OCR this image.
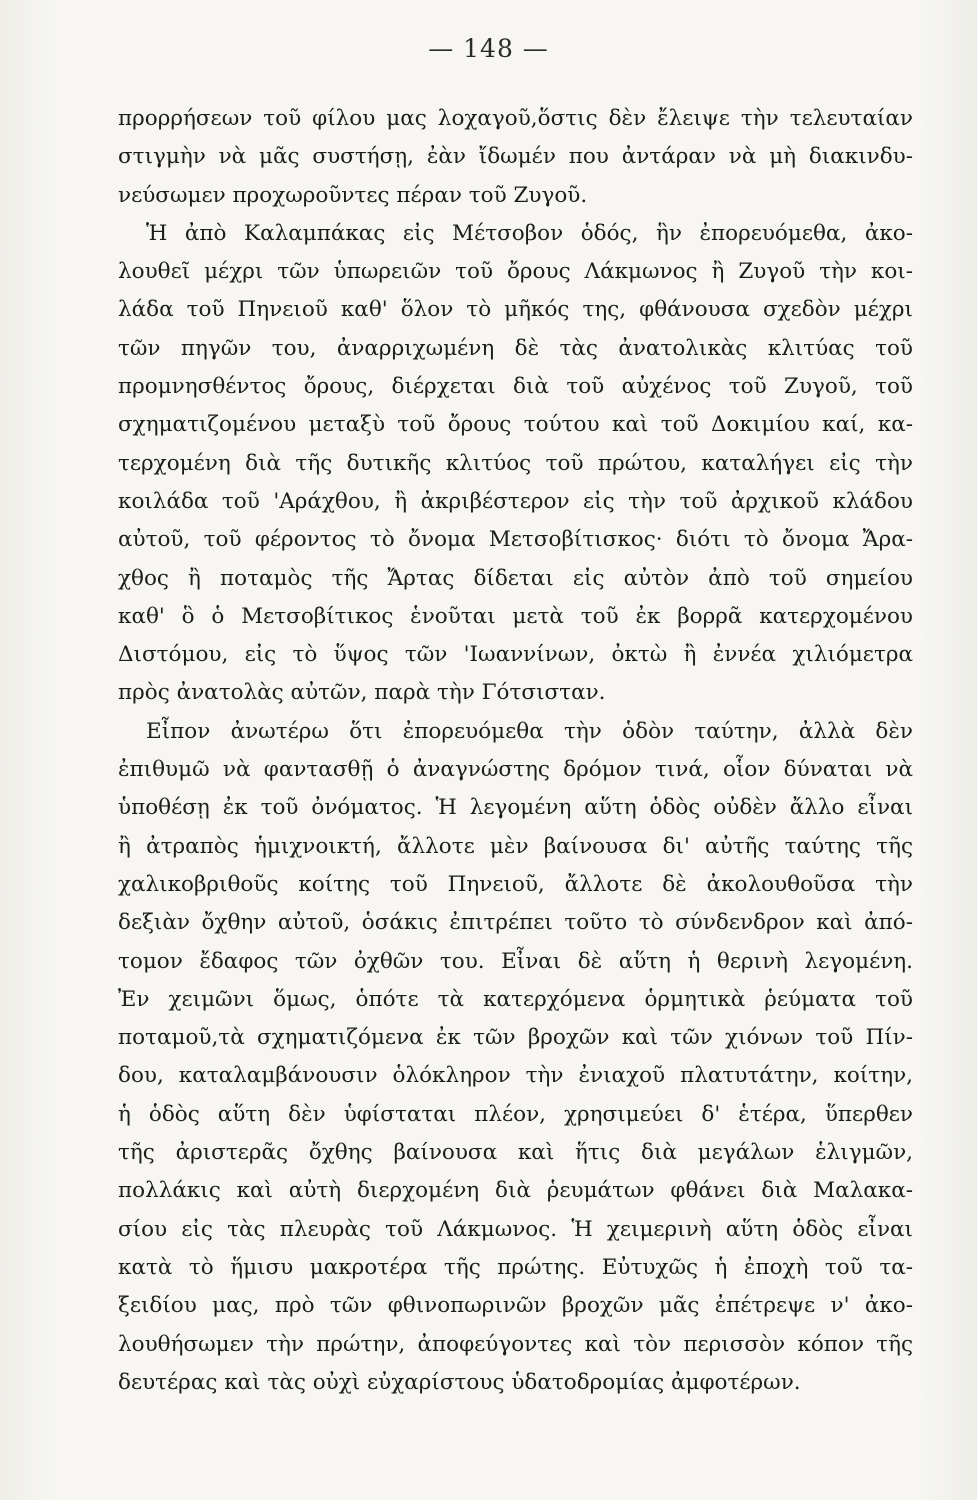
— 148 —
προρρήσεων τοῦ φίλου μας λοχαγοῦ,ὅστις δὲν ἔλειψε τὴν τελευταίαν
στιγμὴν νὰ μᾶς συστήσῃ, ἐὰν ἴδωμέν που ἀντάραν νὰ μὴ διακινδυ-
νεύσωμεν προχωροῦντες πέραν τοῦ Ζυγοῦ.
Ἡ ἀπὸ Καλαμπάκας εἰς Μέτσοβον ὁδός, ἣν ἐπορευόμεθα, ἀκο-
λουθεῖ μέχρι τῶν ὑπωρειῶν τοῦ ὄρους Λάκμωνος ἢ Ζυγοῦ τὴν κοι-
λάδα τοῦ Πηνειοῦ καθ' ὅλον τὸ μῆκός της, φθάνουσα σχεδὸν μέχρι
τῶν πηγῶν του, ἀναρριχωμένη δὲ τὰς ἀνατολικὰς κλιτύας τοῦ
προμνησθέντος ὄρους, διέρχεται διὰ τοῦ αὐχένος τοῦ Ζυγοῦ, τοῦ
σχηματιζομένου μεταξὺ τοῦ ὄρους τούτου καὶ τοῦ Δοκιμίου καί, κα-
τερχομένη διὰ τῆς δυτικῆς κλιτύος τοῦ πρώτου, καταλήγει εἰς τὴν
κοιλάδα τοῦ 'Αράχθου, ἢ ἀκριβέστερον εἰς τὴν τοῦ ἀρχικοῦ κλάδου
αὐτοῦ, τοῦ φέροντος τὸ ὄνομα Μετσοβίτισκος· διότι τὸ ὄνομα Ἄρα-
χθος ἢ ποταμὸς τῆς Ἄρτας δίδεται εἰς αὐτὸν ἀπὸ τοῦ σημείου
καθ' ὃ ὁ Μετσοβίτικος ἑνοῦται μετὰ τοῦ ἐκ βορρᾶ κατερχομένου
Διστόμου, εἰς τὸ ὕψος τῶν 'Ιωαννίνων, ὀκτὼ ἢ ἐννέα χιλιόμετρα
πρὸς ἀνατολὰς αὐτῶν, παρὰ τὴν Γότσισταν.
Εἶπον ἀνωτέρω ὅτι ἐπορευόμεθα τὴν ὁδὸν ταύτην, ἀλλὰ δὲν
ἐπιθυμῶ νὰ φαντασθῇ ὁ ἀναγνώστης δρόμον τινά, οἷον δύναται νὰ
ὑποθέσῃ ἐκ τοῦ ὀνόματος. Ἡ λεγομένη αὕτη ὁδὸς οὐδὲν ἄλλο εἶναι
ἢ ἀτραπὸς ἡμιχνοικτή, ἄλλοτε μὲν βαίνουσα δι' αὐτῆς ταύτης τῆς
χαλικοβριθοῦς κοίτης τοῦ Πηνειοῦ, ἄλλοτε δὲ ἀκολουθοῦσα τὴν
δεξιὰν ὄχθην αὐτοῦ, ὁσάκις ἐπιτρέπει τοῦτο τὸ σύνδενδρον καὶ ἀπό-
τομον ἔδαφος τῶν ὀχθῶν του. Εἶναι δὲ αὕτη ἡ θερινὴ λεγομένη.
Ἐν χειμῶνι ὅμως, ὁπότε τὰ κατερχόμενα ὁρμητικὰ ῥεύματα τοῦ
ποταμοῦ,τὰ σχηματιζόμενα ἐκ τῶν βροχῶν καὶ τῶν χιόνων τοῦ Πίν-
δου, καταλαμβάνουσιν ὁλόκληρον τὴν ἐνιαχοῦ πλατυτάτην, κοίτην,
ἡ ὁδὸς αὕτη δὲν ὑφίσταται πλέον, χρησιμεύει δ' ἑτέρα, ὕπερθεν
τῆς ἀριστερᾶς ὄχθης βαίνουσα καὶ ἥτις διὰ μεγάλων ἑλιγμῶν,
πολλάκις καὶ αὐτὴ διερχομένη διὰ ῥευμάτων φθάνει διὰ Μαλακα-
σίου εἰς τὰς πλευρὰς τοῦ Λάκμωνος. Ἡ χειμερινὴ αὕτη ὁδὸς εἶναι
κατὰ τὸ ἥμισυ μακροτέρα τῆς πρώτης. Εὐτυχῶς ἡ ἐποχὴ τοῦ τα-
ξειδίου μας, πρὸ τῶν φθινοπωρινῶν βροχῶν μᾶς ἐπέτρεψε ν' ἀκο-
λουθήσωμεν τὴν πρώτην, ἀποφεύγοντες καὶ τὸν περισσὸν κόπον τῆς
δευτέρας καὶ τὰς οὐχὶ εὐχαρίστους ὑδατοδρομίας ἀμφοτέρων.
